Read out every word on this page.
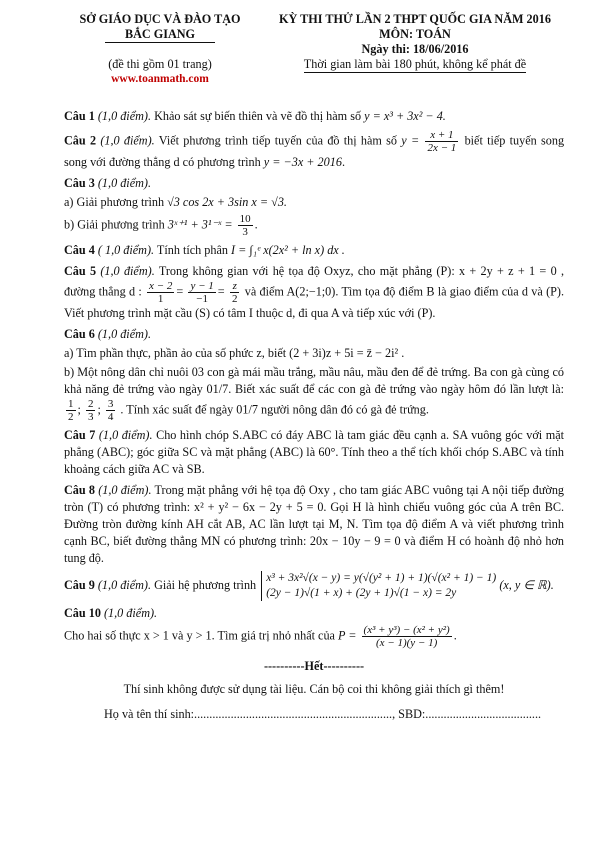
SỞ GIÁO DỤC VÀ ĐÀO TẠO
BẮC GIANG
(đề thi gồm 01 trang)
www.toanmath.com
KỲ THI THỬ LẦN 2 THPT QUỐC GIA NĂM 2016
MÔN: TOÁN
Ngày thi: 18/06/2016
Thời gian làm bài 180 phút, không kể phát đề

Câu 1 (1,0 điểm). Khảo sát sự biến thiên và vẽ đồ thị hàm số y = x³ + 3x² − 4.

Câu 2 (1,0 điểm). Viết phương trình tiếp tuyến của đồ thị hàm số $y = \frac{x + 1}{2x - 1}$ biết tiếp tuyến song song với đường thẳng d có phương trình y = −3x + 2016.

Câu 3 (1,0 điểm).

a) Giải phương trình √3 cos 2x + 3sin x = √3.

b) Giải phương trình 3ˣ⁺¹ + 3¹⁻ˣ = $\frac{10}{3}$ .

Câu 4 ( 1,0 điểm). Tính tích phân I = ∫₁ᵉ x(2x² + ln x) dx .

Câu 5 (1,0 điểm). Trong không gian với hệ tọa độ Oxyz, cho mặt phẳng (P): x + 2y + z + 1 = 0 , đường thẳng d : $\frac{x - 2}{1} = \frac{y - 1}{-1} = \frac{z}{2}$ và điểm A(2;−1;0). Tìm tọa độ điểm B là giao điểm của d và (P). Viết phương trình mặt cầu (S) có tâm I thuộc d, đi qua A và tiếp xúc với (P).

Câu 6 (1,0 điểm).

a) Tìm phần thực, phần ảo của số phức z, biết (2 + 3i)z + 5i = z̄ − 2i² .

b) Một nông dân chỉ nuôi 03 con gà mái mầu trắng, mầu nâu, mầu đen để đẻ trứng. Ba con gà cùng có khả năng đẻ trứng vào ngày 01/7. Biết xác suất để các con gà đẻ trứng vào ngày hôm đó lần lượt là:
$\frac{1}{2}$ ; $\frac{2}{3}$ ; $\frac{3}{4}$ . Tính xác suất để ngày 01/7 người nông dân đó có gà đẻ trứng.

Câu 7 (1,0 điểm). Cho hình chóp S.ABC có đáy ABC là tam giác đều cạnh a. SA vuông góc với mặt phẳng (ABC); góc giữa SC và mặt phẳng (ABC) là 60°. Tính theo a thể tích khối chóp S.ABC và tính khoảng cách giữa AC và SB.

Câu 8 (1,0 điểm). Trong mặt phẳng với hệ tọa độ Oxy , cho tam giác ABC vuông tại A nội tiếp đường tròn (T) có phương trình: x² + y² − 6x − 2y + 5 = 0. Gọi H là hình chiếu vuông góc của A trên BC. Đường tròn đường kính AH cắt AB, AC lần lượt tại M, N. Tìm tọa độ điểm A và viết phương trình cạnh BC, biết đường thẳng MN có phương trình: 20x − 10y − 9 = 0 và điểm H có hoành độ nhỏ hơn tung độ.

Câu 9 (1,0 điểm). Giải hệ phương trình x³ + 3x²√(x − y) = y(√(y² + 1) + 1)(√(x² + 1) − 1)
(2y − 1)√(1 + x) + (2y + 1)√(1 − x) = 2y
(x, y ∈ ℝ).

Câu 10 (1,0 điểm).

Cho hai số thực x > 1 và y > 1. Tìm giá trị nhỏ nhất của $P = \frac{\text{(x³ + y³) − (x² + y²)}}{(x - 1)(y - 1)}$ .

----------Hết----------
Thí sinh không được sử dụng tài liệu. Cán bộ coi thi không giải thích gì thêm!
Họ và tên thí sinh:................................................................., SBD:......................................
